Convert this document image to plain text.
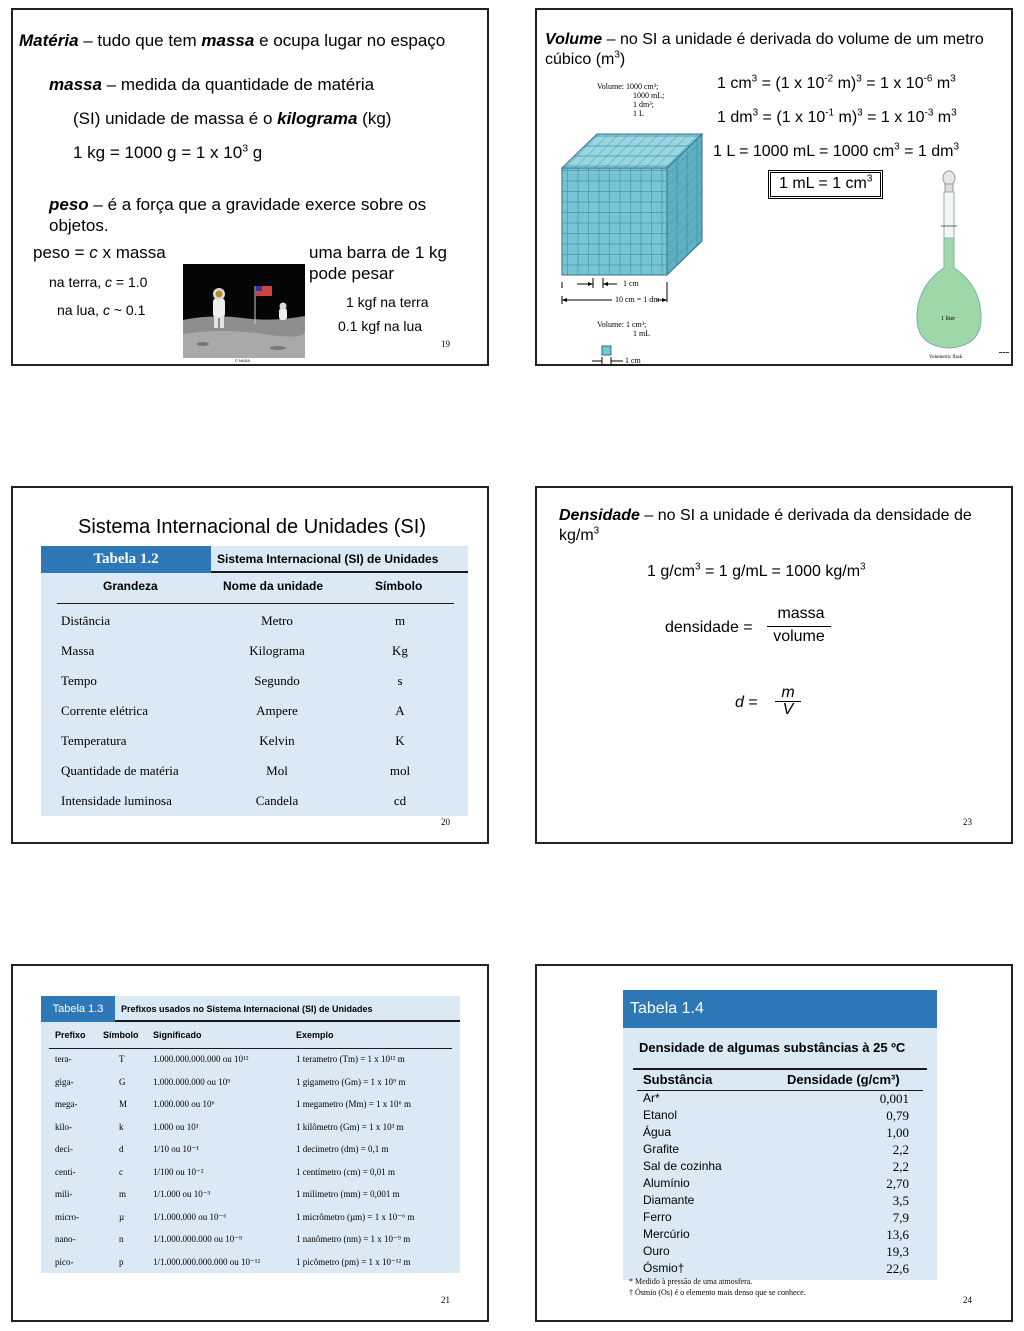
Matéria – tudo que tem massa e ocupa lugar no espaço
massa – medida da quantidade de matéria
(SI) unidade de massa é o kilograma (kg)
1 kg = 1000 g = 1 x $10^3$ g
peso – é a força que a gravidade exerce sobre os objetos.
peso = c x massa
na terra, c = 1.0
na lua, c ~ 0.1
© NASA
uma barra de 1 kg pode pesar
1 kgf na terra
0.1 kgf na lua
19
Volume – no SI a unidade é derivada do volume de um metro cúbico $(m^3)$
Volume: 1000 cm³;
1000 mL;
1 dm³;
1 L
1 cm
10 cm = 1 dm
Volume: 1 cm³;
1 mL
1 cm
1 $cm^3 = (1$ x $10^{-2}$ m)$^3$ = 1 x $10^{-6}$ $m^3$
1 $dm^3 = (1$ x $10^{-1}$ m)$^3$ = 1 x $10^{-3}$ $m^3$
1 L = 1000 mL = 1000 $cm^3 = 1$ $dm^3$
1 mL = 1 $cm^3$
1 liter
Volumetric flask
Sistema Internacional de Unidades (SI)
Tabela 1.2	Sistema Internacional (SI) de Unidades
Grandeza	Nome da unidade	Símbolo
Distância	Metro	m
Massa	Kilograma	Kg
Tempo	Segundo	s
Corrente elétrica	Ampere	A
Temperatura	Kelvin	K
Quantidade de matéria	Mol	mol
Intensidade luminosa	Candela	cd
20
Densidade – no SI a unidade é derivada da densidade de $kg/m^3$
1 $g/cm^3 = 1$ g/mL = 1000 $kg/m^3$
densidade =
massa
volume
d =
m
V
23
Tabela 1.3	Prefixos usados no Sistema Internacional (SI) de Unidades
Prefixo Símbolo Significado	Exemplo
tera-	T	1.000.000.000.000 ou 10¹²	1 terametro (Tm) = 1 x 10¹² m
giga-	G	1.000.000.000 ou 10⁹	1 gigametro (Gm) = 1 x 10⁹ m
mega-	M	1.000.000 ou 10⁶	1 megametro (Mm) = 1 x 10⁶ m
kilo-	k	1.000 ou 10³	1 kilômetro (Gm) = 1 x 10³ m
deci-	d	1/10 ou 10⁻¹	1 decímetro (dm) = 0,1 m
centi-	c	1/100 ou 10⁻²	1 centímetro (cm) = 0,01 m
mili-	m	1/1.000 ou 10⁻³	1 milímetro (mm) = 0,001 m
micro-	µ	1/1.000.000 ou 10⁻⁶	1 micrômetro (µm) = 1 x 10⁻⁶ m
nano-	n	1/1.000.000.000 ou 10⁻⁹	1 nanômetro (nm) = 1 x 10⁻⁹ m
pico-	p	1/1.000.000.000.000 ou 10⁻¹²	1 picômetro (pm) = 1 x 10⁻¹² m
21
Tabela 1.4
Densidade de algumas substâncias à 25 ºC
Substância	Densidade (g/cm³)
Ar*	0,001
Etanol	0,79
Água	1,00
Grafite	2,2
Sal de cozinha	2,2
Alumínio	2,70
Diamante	3,5
Ferro	7,9
Mercúrio	13,6
Ouro	19,3
Ósmio†	22,6
* Medido à pressão de uma atmosfera.
† Ósmio (Os) é o elemento mais denso que se conhece.
24
